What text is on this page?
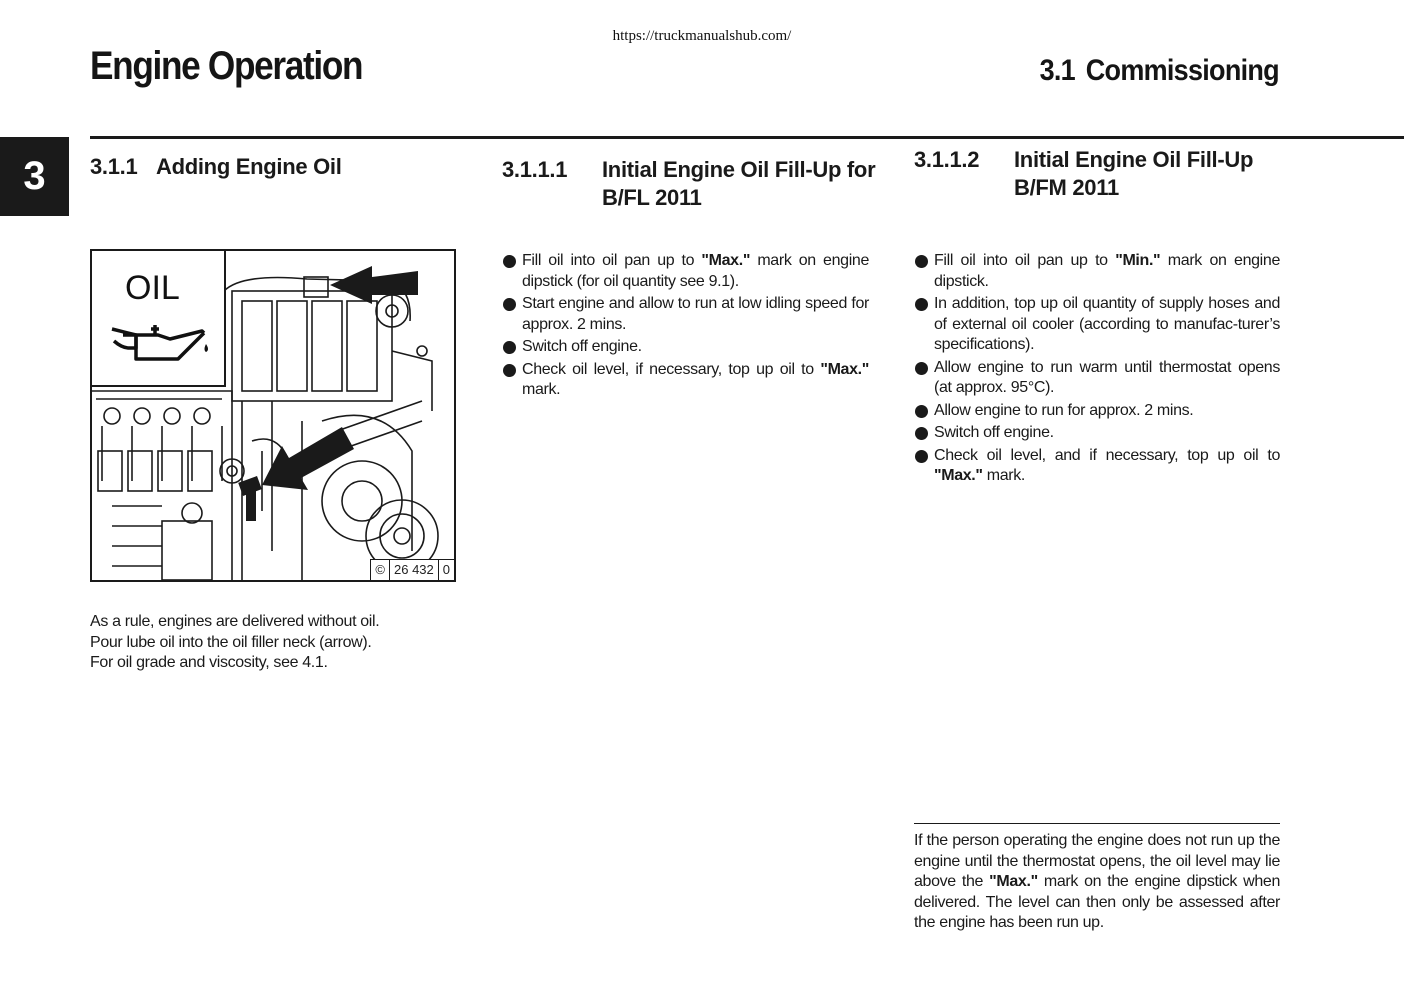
https://truckmanualshub.com/
Engine Operation	3.1 Commissioning
3	3.1.1 Adding Engine Oil	3.1.1.1 Initial Engine Oil Fill-Up for B/FL 2011
3.1.1.2 Initial Engine Oil Fill-Up B/FM 2011
OIL
© 26 432 0
As a rule, engines are delivered without oil.
Pour lube oil into the oil filler neck (arrow).
For oil grade and viscosity, see 4.1.
Fill oil into oil pan up to "Max." mark on engine dipstick (for oil quantity see 9.1).
Start engine and allow to run at low idling speed for approx. 2 mins.
Switch off engine.
Check oil level, if necessary, top up oil to "Max." mark.
Fill oil into oil pan up to "Min." mark on engine dipstick.
In addition, top up oil quantity of supply hoses and of external oil cooler (according to manufac-turer’s specifications).
Allow engine to run warm until thermostat opens (at approx. 95°C).
Allow engine to run for approx. 2 mins.
Switch off engine.
Check oil level, and if necessary, top up oil to "Max." mark.
If the person operating the engine does not run up the engine until the thermostat opens, the oil level may lie above the "Max." mark on the engine dipstick when delivered. The level can then only be assessed after the engine has been run up.
